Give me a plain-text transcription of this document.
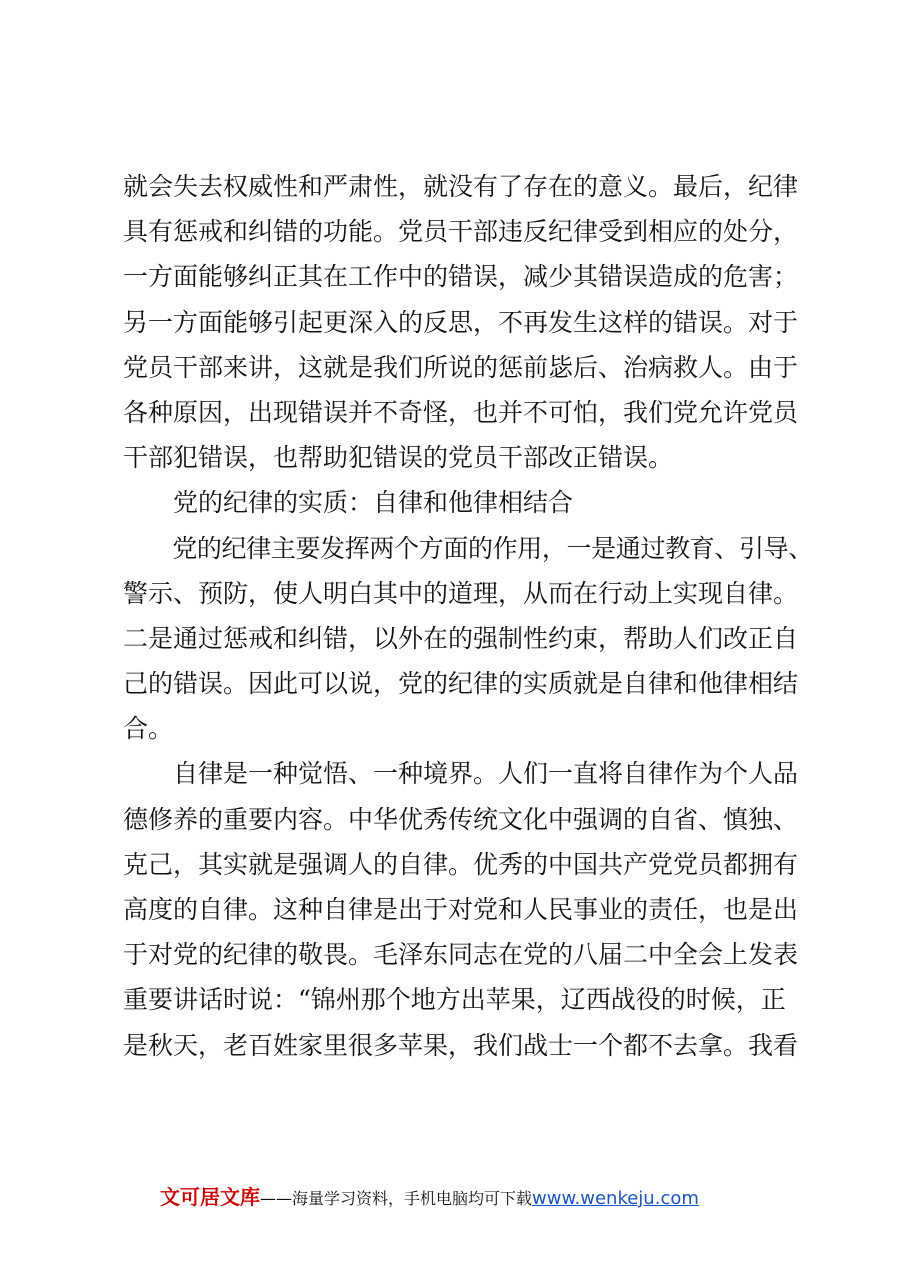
就会失去权威性和严肃性，就没有了存在的意义。最后，纪律
具有惩戒和纠错的功能。党员干部违反纪律受到相应的处分，
一方面能够纠正其在工作中的错误，减少其错误造成的危害；
另一方面能够引起更深入的反思，不再发生这样的错误。对于
党员干部来讲，这就是我们所说的惩前毖后、治病救人。由于
各种原因，出现错误并不奇怪，也并不可怕，我们党允许党员
干部犯错误，也帮助犯错误的党员干部改正错误。
　　党的纪律的实质：自律和他律相结合
　　党的纪律主要发挥两个方面的作用，一是通过教育、引导、
警示、预防，使人明白其中的道理，从而在行动上实现自律。
二是通过惩戒和纠错，以外在的强制性约束，帮助人们改正自
己的错误。因此可以说，党的纪律的实质就是自律和他律相结
合。
　　自律是一种觉悟、一种境界。人们一直将自律作为个人品
德修养的重要内容。中华优秀传统文化中强调的自省、慎独、
克己，其实就是强调人的自律。优秀的中国共产党党员都拥有
高度的自律。这种自律是出于对党和人民事业的责任，也是出
于对党的纪律的敬畏。毛泽东同志在党的八届二中全会上发表
重要讲话时说：“锦州那个地方出苹果，辽西战役的时候，正
是秋天，老百姓家里很多苹果，我们战士一个都不去拿。我看
文可居文库——海量学习资料，手机电脑均可下载www.wenkeju.com
